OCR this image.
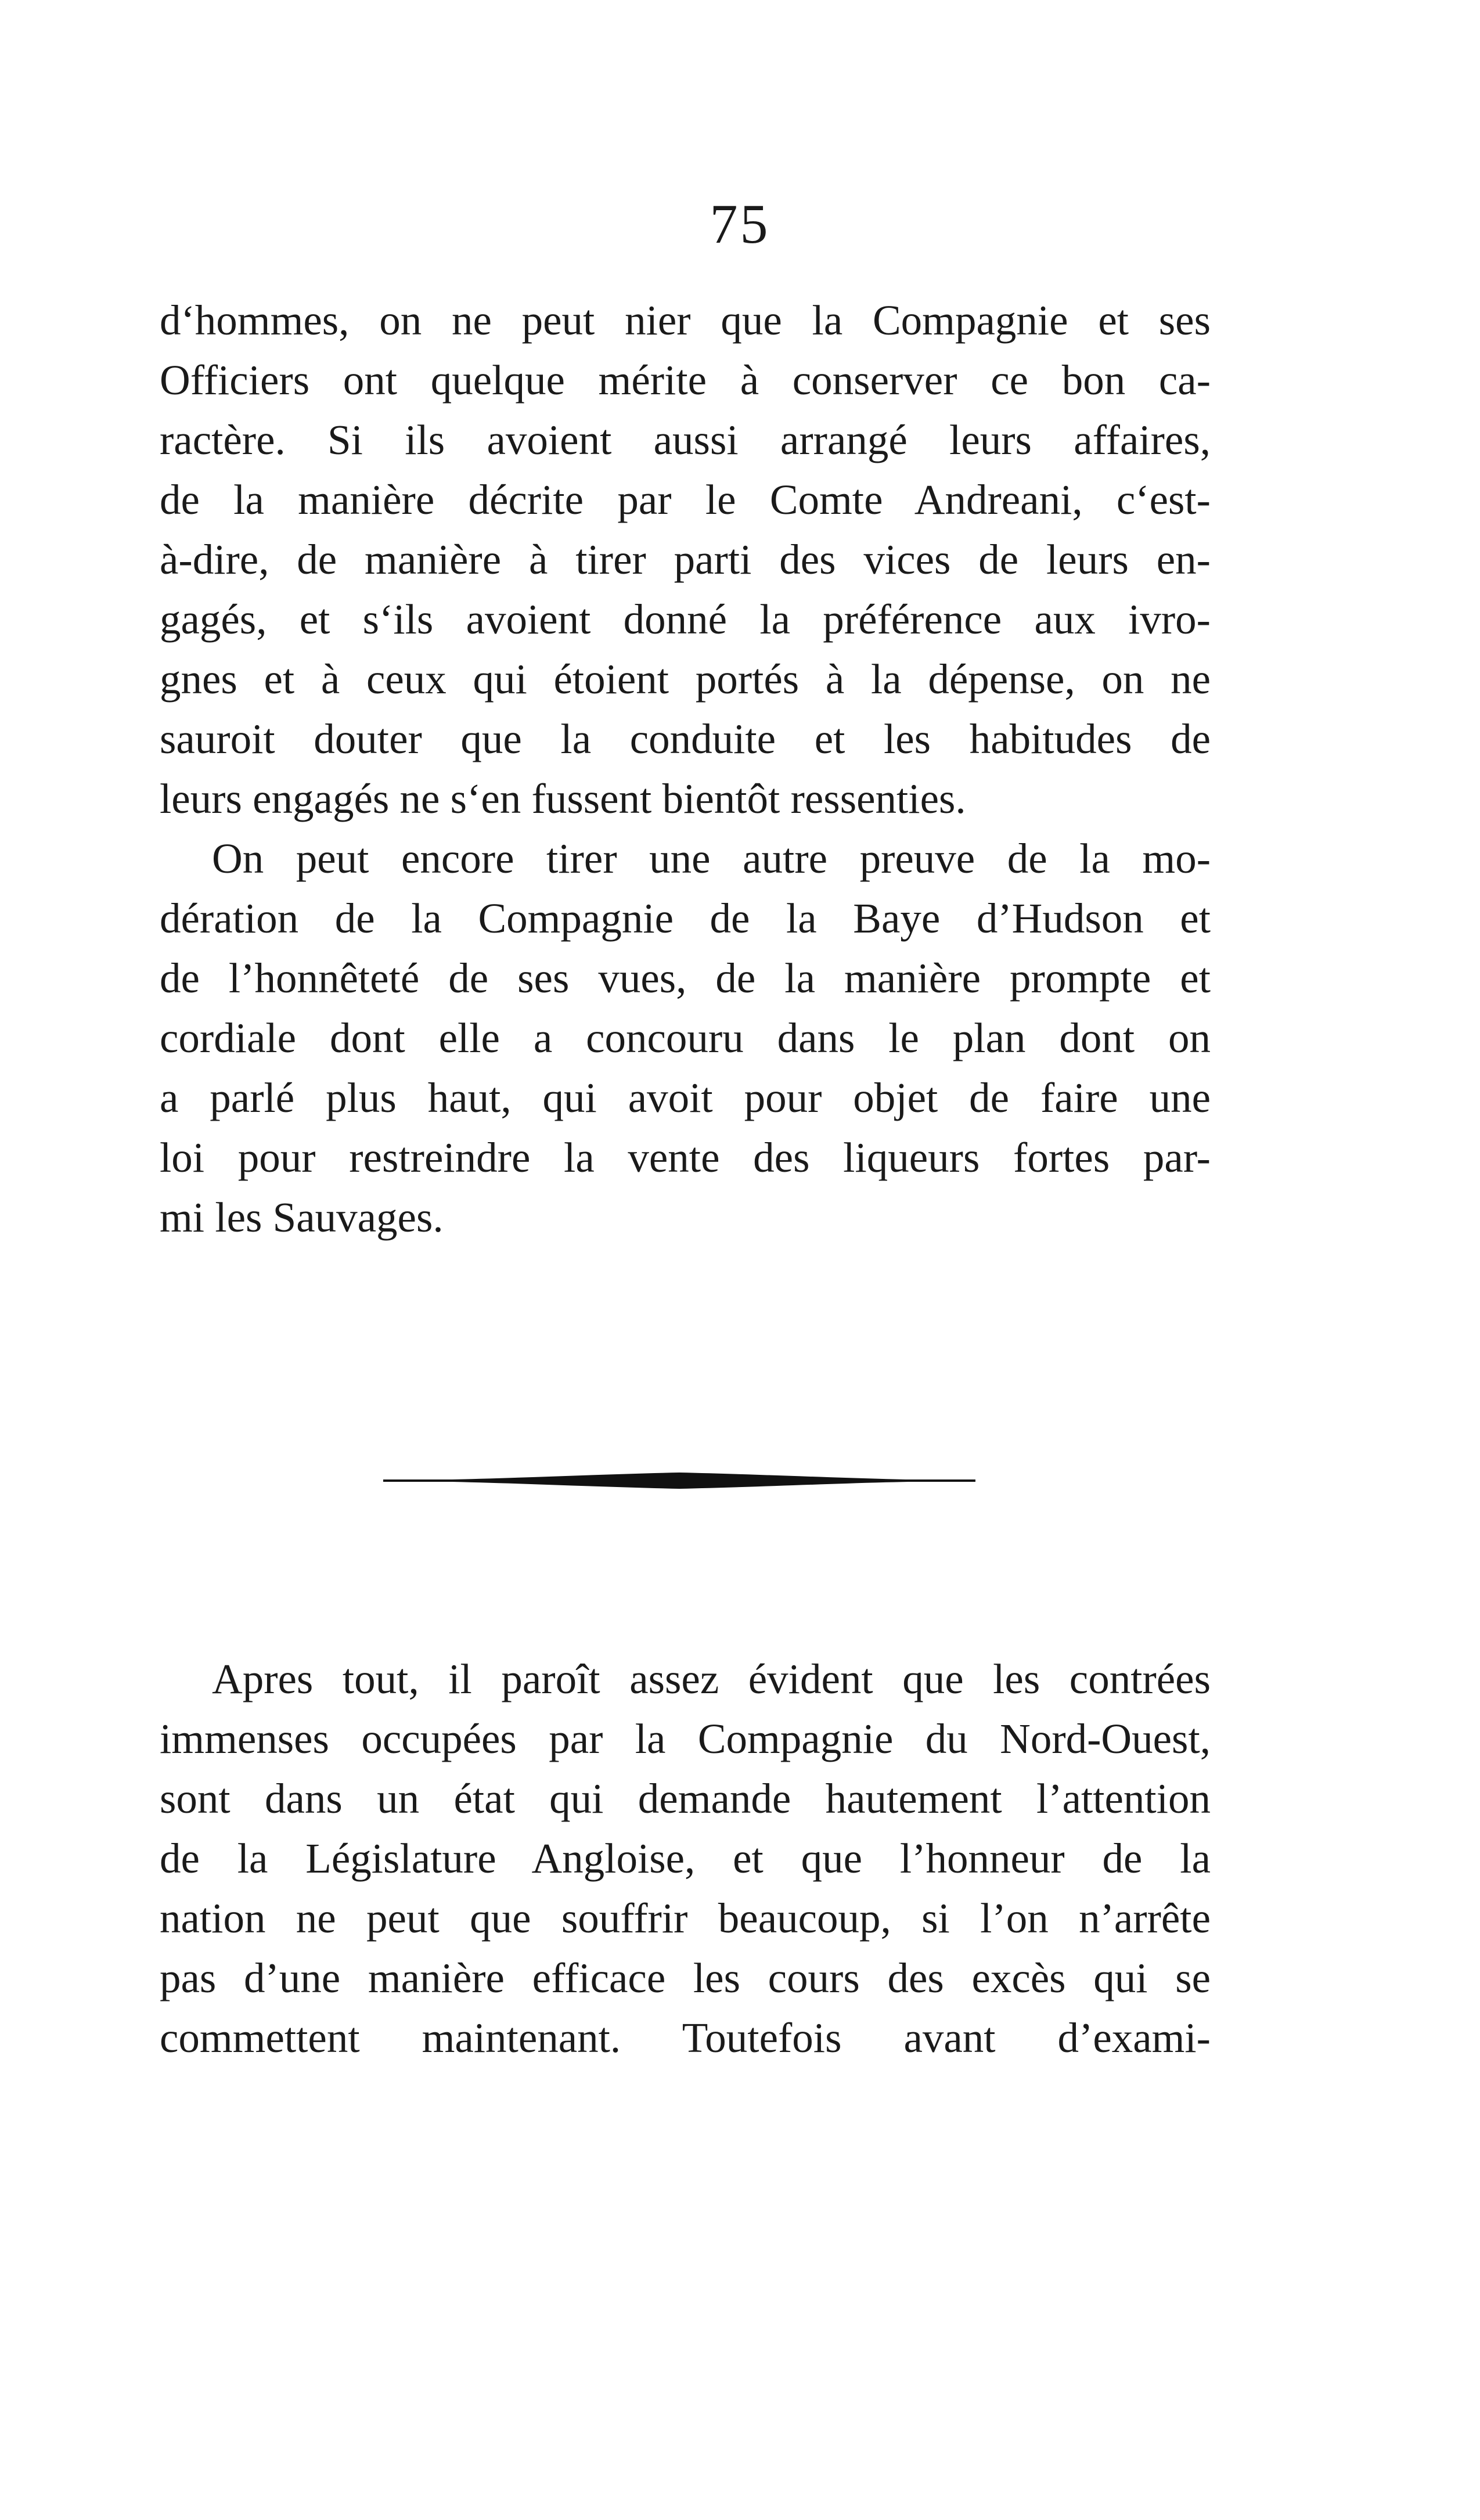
75
d‘hommes, on ne peut nier que la Compagnie et ses
Officiers ont quelque mérite à conserver ce bon ca-
ractère. Si ils avoient aussi arrangé leurs affaires,
de la manière décrite par le Comte Andreani, c‘est-
à-dire, de manière à tirer parti des vices de leurs en-
gagés, et s‘ils avoient donné la préférence aux ivro-
gnes et à ceux qui étoient portés à la dépense, on ne
sauroit douter que la conduite et les habitudes de
leurs engagés ne s‘en fussent bientôt ressenties.
On peut encore tirer une autre preuve de la mo-
dération de la Compagnie de la Baye d’Hudson et
de l’honnêteté de ses vues, de la manière prompte et
cordiale dont elle a concouru dans le plan dont on
a parlé plus haut, qui avoit pour objet de faire une
loi pour restreindre la vente des liqueurs fortes par-
mi les Sauvages.
Apres tout, il paroît assez évident que les contrées
immenses occupées par la Compagnie du Nord-Ouest,
sont dans un état qui demande hautement l’attention
de la Législature Angloise, et que l’honneur de la
nation ne peut que souffrir beaucoup, si l’on n’arrête
pas d’une manière efficace les cours des excès qui se
commettent maintenant. Toutefois avant d’exami-
